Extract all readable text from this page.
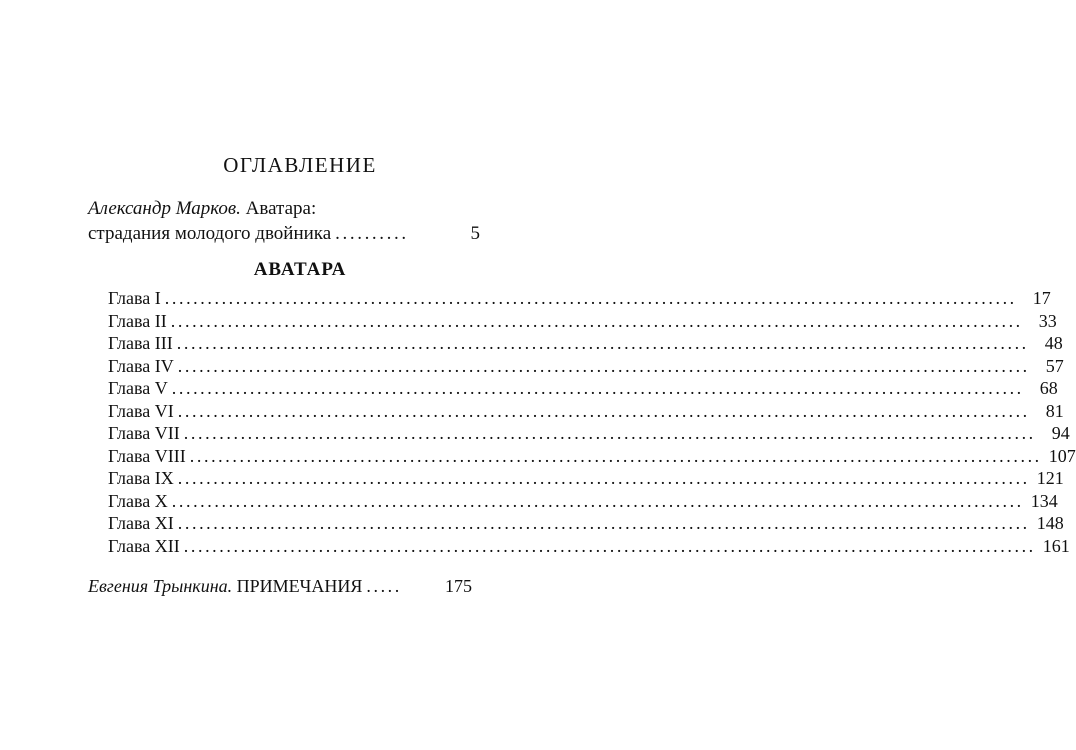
ОГЛАВЛЕНИЕ
Александр Марков. Аватара:
страдания молодого двойника ..........	5
АВАТАРА
Глава I ........................................................................................................................ 17
Глава II ........................................................................................................................ 33
Глава III ........................................................................................................................ 48
Глава IV ........................................................................................................................ 57
Глава V ........................................................................................................................ 68
Глава VI ........................................................................................................................ 81
Глава VII ........................................................................................................................ 94
Глава VIII ........................................................................................................................ 107
Глава IX ........................................................................................................................ 121
Глава X ........................................................................................................................ 134
Глава XI ........................................................................................................................ 148
Глава XII ........................................................................................................................ 161
Евгения Трынкина. ПРИМЕЧАНИЯ .....	175
